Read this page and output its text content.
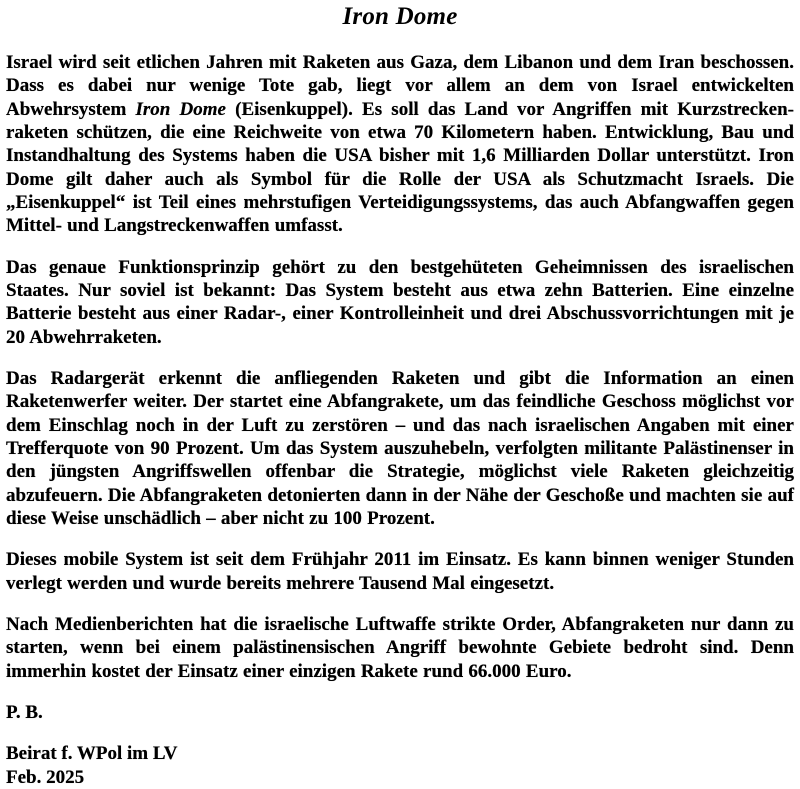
Iron Dome

Israel wird seit etlichen Jahren mit Raketen aus Gaza, dem Libanon und dem Iran beschossen. Dass es dabei nur wenige Tote gab, liegt vor allem an dem von Israel entwickelten Abwehrsystem Iron Dome (Eisenkuppel). Es soll das Land vor Angriffen mit Kurzstreckenraketen schützen, die eine Reichweite von etwa 70 Kilometern haben. Entwicklung, Bau und Instandhaltung des Systems haben die USA bisher mit 1,6 Milliarden Dollar unterstützt. Iron Dome gilt daher auch als Symbol für die Rolle der USA als Schutzmacht Israels. Die „Eisenkuppel“ ist Teil eines mehrstufigen Verteidigungssystems, das auch Abfangwaffen gegen Mittel- und Langstreckenwaffen umfasst.

Das genaue Funktionsprinzip gehört zu den bestgehüteten Geheimnissen des israelischen Staates. Nur soviel ist bekannt: Das System besteht aus etwa zehn Batterien. Eine einzelne Batterie besteht aus einer Radar-, einer Kontrolleinheit und drei Abschussvorrichtungen mit je 20 Abwehrraketen.

Das Radargerät erkennt die anfliegenden Raketen und gibt die Information an einen Raketenwerfer weiter. Der startet eine Abfangrakete, um das feindliche Geschoss möglichst vor dem Einschlag noch in der Luft zu zerstören – und das nach israelischen Angaben mit einer Trefferquote von 90 Prozent. Um das System auszuhebeln, verfolgten militante Palästinenser in den jüngsten Angriffswellen offenbar die Strategie, möglichst viele Raketen gleichzeitig abzufeuern. Die Abfangraketen detonierten dann in der Nähe der Geschoße und machten sie auf diese Weise unschädlich – aber nicht zu 100 Prozent.

Dieses mobile System ist seit dem Frühjahr 2011 im Einsatz. Es kann binnen weniger Stunden verlegt werden und wurde bereits mehrere Tausend Mal eingesetzt.

Nach Medienberichten hat die israelische Luftwaffe strikte Order, Abfangraketen nur dann zu starten, wenn bei einem palästinensischen Angriff bewohnte Gebiete bedroht sind. Denn immerhin kostet der Einsatz einer einzigen Rakete rund 66.000 Euro.

P. B.

Beirat f. WPol im LV
Feb. 2025
